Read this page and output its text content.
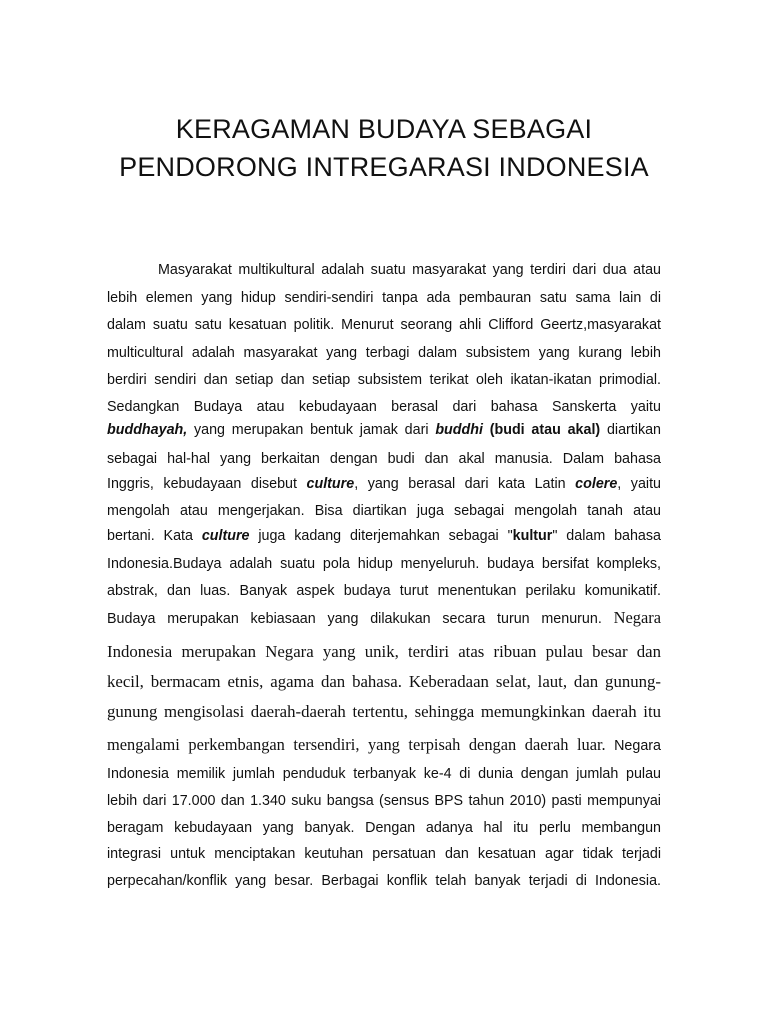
KERAGAMAN BUDAYA SEBAGAI
PENDORONG INTREGARASI INDONESIA
Masyarakat multikultural adalah suatu masyarakat yang terdiri dari dua atau
lebih elemen yang hidup sendiri-sendiri tanpa ada pembauran satu sama lain di
dalam suatu satu kesatuan politik. Menurut seorang ahli Clifford Geertz,masyarakat
multicultural adalah masyarakat yang terbagi dalam subsistem yang kurang lebih
berdiri sendiri dan setiap dan setiap subsistem terikat oleh ikatan-ikatan primodial.
Sedangkan Budaya atau kebudayaan berasal dari bahasa Sanskerta yaitu
buddhayah, yang merupakan bentuk jamak dari buddhi (budi atau akal) diartikan
sebagai hal-hal yang berkaitan dengan budi dan akal manusia. Dalam bahasa
Inggris, kebudayaan disebut culture, yang berasal dari kata Latin colere, yaitu
mengolah atau mengerjakan. Bisa diartikan juga sebagai mengolah tanah atau
bertani. Kata culture juga kadang diterjemahkan sebagai "kultur" dalam bahasa
Indonesia.Budaya adalah suatu pola hidup menyeluruh. budaya bersifat kompleks,
abstrak, dan luas. Banyak aspek budaya turut menentukan perilaku komunikatif.
Budaya merupakan kebiasaan yang dilakukan secara turun menurun. Negara
Indonesia merupakan Negara yang unik, terdiri atas ribuan pulau besar dan
kecil, bermacam etnis, agama dan bahasa. Keberadaan selat, laut, dan gunung-
gunung mengisolasi daerah-daerah tertentu, sehingga memungkinkan daerah itu
mengalami perkembangan tersendiri, yang terpisah dengan daerah luar. Negara
Indonesia memilik jumlah penduduk terbanyak ke-4 di dunia dengan jumlah pulau
lebih dari 17.000 dan 1.340 suku bangsa (sensus BPS tahun 2010) pasti mempunyai
beragam kebudayaan yang banyak. Dengan adanya hal itu perlu membangun
integrasi untuk menciptakan keutuhan persatuan dan kesatuan agar tidak terjadi
perpecahan/konflik yang besar. Berbagai konflik telah banyak terjadi di Indonesia.
